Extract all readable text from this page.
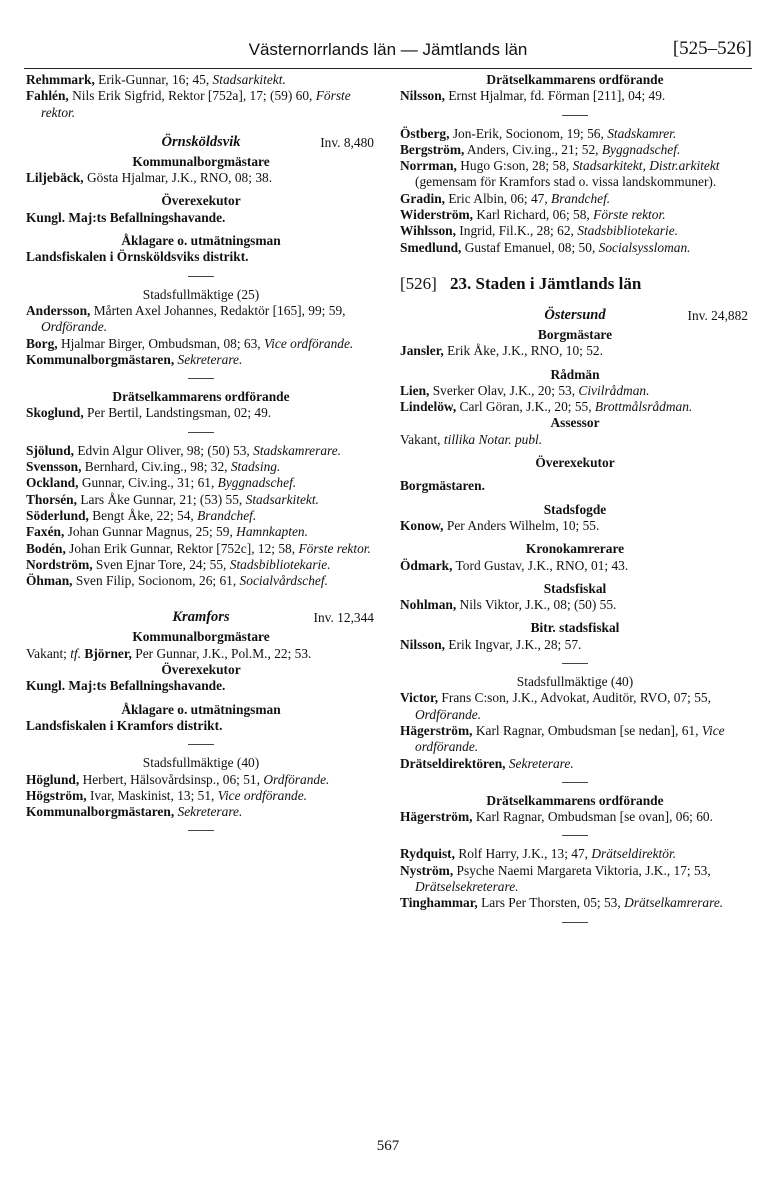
Västernorrlands län — Jämtlands län	[525–526]

Rehmmark, Erik-Gunnar, 16; 45, Stadsarkitekt.

Fahlén, Nils Erik Sigfrid, Rektor [752a], 17; (59) 60, Förste rektor.

Örnsköldsvik	Inv. 8,480

Kommunalborgmästare

Liljebäck, Gösta Hjalmar, J.K., RNO, 08; 38.

Överexekutor

Kungl. Maj:ts Befallningshavande.

Åklagare o. utmätningsman

Landsfiskalen i Örnsköldsviks distrikt.

Stadsfullmäktige (25)

Andersson, Mårten Axel Johannes, Redaktör [165], 99; 59, Ordförande.

Borg, Hjalmar Birger, Ombudsman, 08; 63, Vice ordförande.

Kommunalborgmästaren, Sekreterare.

Drätselkammarens ordförande

Skoglund, Per Bertil, Landstingsman, 02; 49.

Sjölund, Edvin Algur Oliver, 98; (50) 53, Stadskamrerare.

Svensson, Bernhard, Civ.ing., 98; 32, Stadsing.

Ockland, Gunnar, Civ.ing., 31; 61, Byggnadschef.

Thorsén, Lars Åke Gunnar, 21; (53) 55, Stadsarkitekt.

Söderlund, Bengt Åke, 22; 54, Brandchef.

Faxén, Johan Gunnar Magnus, 25; 59, Hamnkapten.

Bodén, Johan Erik Gunnar, Rektor [752c], 12; 58, Förste rektor.

Nordström, Sven Ejnar Tore, 24; 55, Stadsbibliotekarie.

Öhman, Sven Filip, Socionom, 26; 61, Socialvårdschef.

Kramfors	Inv. 12,344

Kommunalborgmästare

Vakant; tf. Björner, Per Gunnar, J.K., Pol.M., 22; 53.

Överexekutor

Kungl. Maj:ts Befallningshavande.

Åklagare o. utmätningsman

Landsfiskalen i Kramfors distrikt.

Stadsfullmäktige (40)

Höglund, Herbert, Hälsovårdsinsp., 06; 51, Ordförande.

Högström, Ivar, Maskinist, 13; 51, Vice ordförande.

Kommunalborgmästaren, Sekreterare.

Drätselkammarens ordförande

Nilsson, Ernst Hjalmar, fd. Förman [211], 04; 49.

Östberg, Jon-Erik, Socionom, 19; 56, Stadskamrer.

Bergström, Anders, Civ.ing., 21; 52, Byggnadschef.

Norrman, Hugo G:son, 28; 58, Stadsarkitekt, Distr.arkitekt (gemensam för Kramfors stad o. vissa landskommuner).

Gradin, Eric Albin, 06; 47, Brandchef.

Widerström, Karl Richard, 06; 58, Förste rektor.

Wihlsson, Ingrid, Fil.K., 28; 62, Stadsbibliotekarie.

Smedlund, Gustaf Emanuel, 08; 50, Socialsyssloman.

[526] 23. Staden i Jämtlands län
Östersund	Inv. 24,882

Borgmästare

Jansler, Erik Åke, J.K., RNO, 10; 52.

Rådmän

Lien, Sverker Olav, J.K., 20; 53, Civilrådman.

Lindelöw, Carl Göran, J.K., 20; 55, Brottmålsrådman.

Assessor

Vakant, tillika Notar. publ.

Överexekutor

Borgmästaren.

Stadsfogde

Konow, Per Anders Wilhelm, 10; 55.

Kronokamrerare

Ödmark, Tord Gustav, J.K., RNO, 01; 43.

Stadsfiskal

Nohlman, Nils Viktor, J.K., 08; (50) 55.

Bitr. stadsfiskal

Nilsson, Erik Ingvar, J.K., 28; 57.

Stadsfullmäktige (40)

Victor, Frans C:son, J.K., Advokat, Auditör, RVO, 07; 55, Ordförande.

Hägerström, Karl Ragnar, Ombudsman [se nedan], 61, Vice ordförande.

Drätseldirektören, Sekreterare.

Drätselkammarens ordförande

Hägerström, Karl Ragnar, Ombudsman [se ovan], 06; 60.

Rydquist, Rolf Harry, J.K., 13; 47, Drätseldirektör.

Nyström, Psyche Naemi Margareta Viktoria, J.K., 17; 53, Drätselsekreterare.

Tinghammar, Lars Per Thorsten, 05; 53, Drätselkamrerare.

567
